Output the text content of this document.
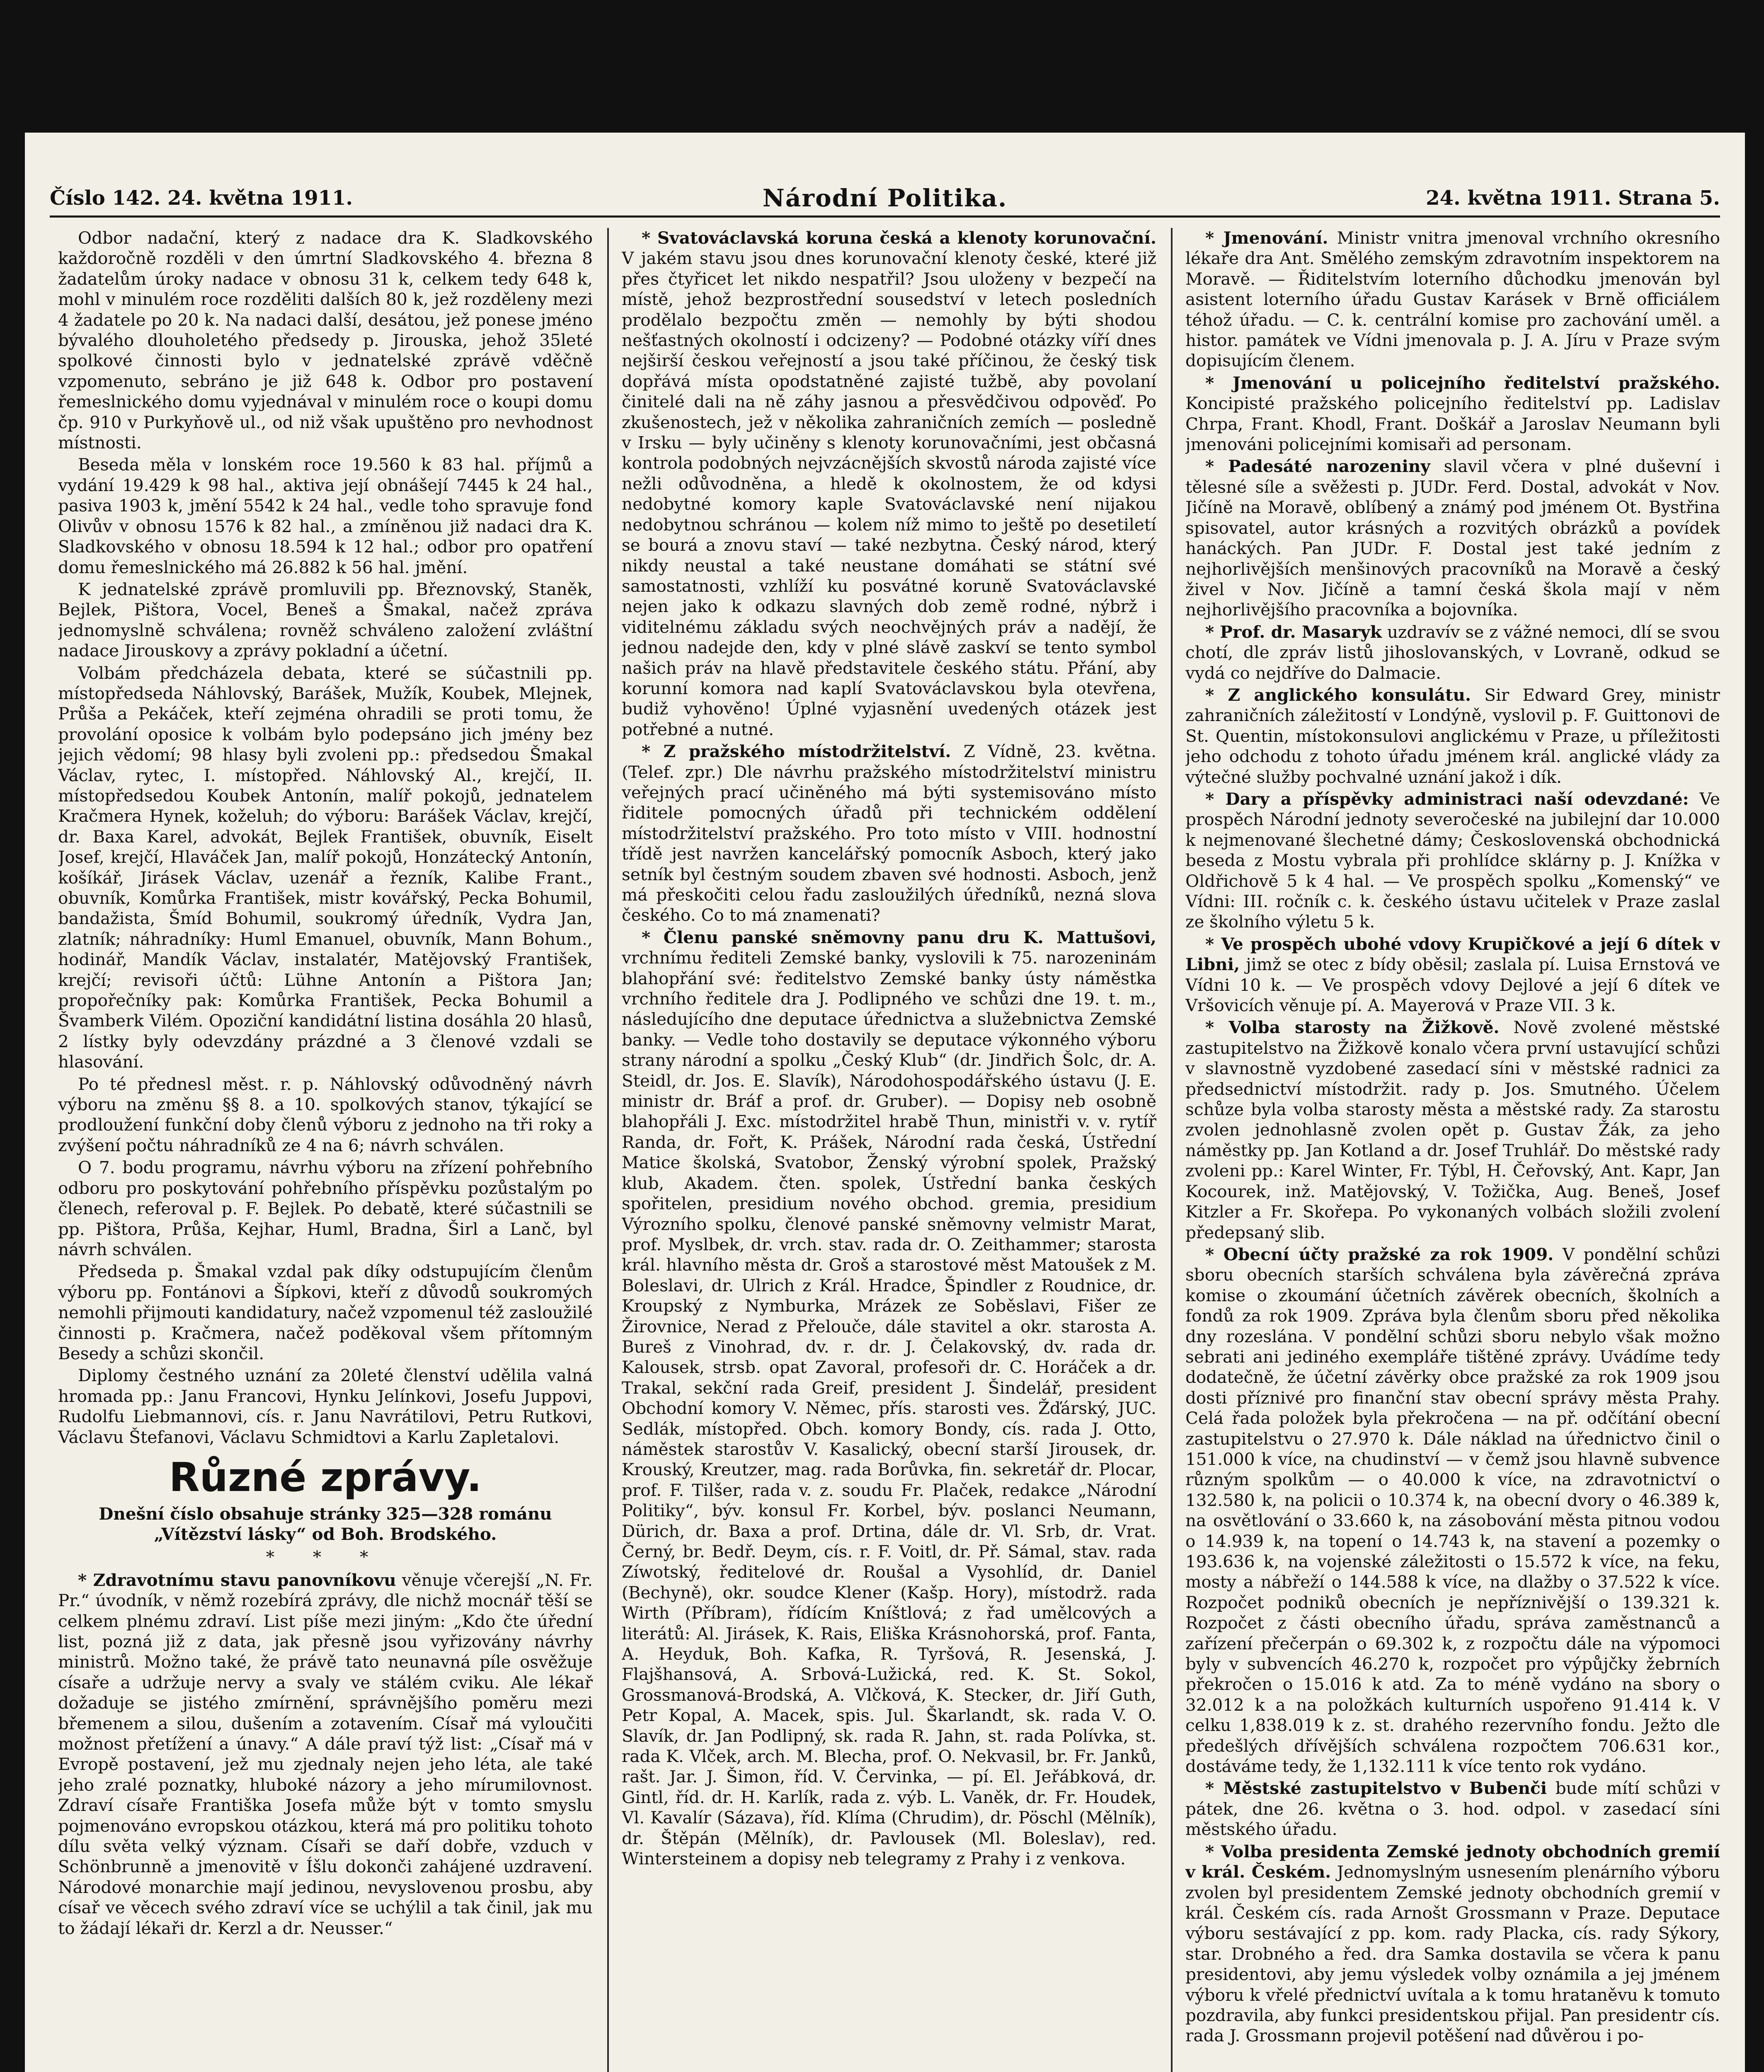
Číslo 142. 24. května 1911.	Národní Politika.	24. května 1911. Strana 5.

Odbor nadační, který z nadace dra K. Sladkovského každoročně rozděli v den úmrtní Sladkovského 4. března 8 žadatelům úroky nadace v obnosu 31 k, celkem tedy 648 k, mohl v minulém roce rozděliti dalších 80 k, jež rozděleny mezi 4 žadatele po 20 k. Na nadaci další, desátou, jež ponese jméno bývalého dlouholetého předsedy p. Jirouska, jehož 35leté spolkové činnosti bylo v jednatelské zprávě vděčně vzpomenuto, sebráno je již 648 k. Odbor pro postavení řemeslnického domu vyjednával v minulém roce o koupi domu čp. 910 v Purkyňově ul., od niž však upuštěno pro nevhodnost místnosti.

Beseda měla v lonském roce 19.560 k 83 hal. příjmů a vydání 19.429 k 98 hal., aktiva její obnášejí 7445 k 24 hal., pasiva 1903 k, jmění 5542 k 24 hal., vedle toho spravuje fond Olivův v obnosu 1576 k 82 hal., a zmíněnou již nadaci dra K. Sladkovského v obnosu 18.594 k 12 hal.; odbor pro opatření domu řemeslnického má 26.882 k 56 hal. jmění.

K jednatelské zprávě promluvili pp. Březnovský, Staněk, Bejlek, Pištora, Vocel, Beneš a Šmakal, načež zpráva jednomyslně schválena; rovněž schváleno založení zvláštní nadace Jirouskovy a zprávy pokladní a účetní.

Volbám předcházela debata, které se súčastnili pp. místopředseda Náhlovský, Barášek, Mužík, Koubek, Mlejnek, Průša a Pekáček, kteří zejména ohradili se proti tomu, že provolání oposice k volbám bylo podepsáno jich jmény bez jejich vědomí; 98 hlasy byli zvoleni pp.: předsedou Šmakal Václav, rytec, I. místopřed. Náhlovský Al., krejčí, II. místopředsedou Koubek Antonín, malíř pokojů, jednatelem Kračmera Hynek, koželuh; do výboru: Barášek Václav, krejčí, dr. Baxa Karel, advokát, Bejlek František, obuvník, Eiselt Josef, krejčí, Hlaváček Jan, malíř pokojů, Honzátecký Antonín, košíkář, Jirásek Václav, uzenář a řezník, Kalibe Frant., obuvník, Komůrka František, mistr kovářský, Pecka Bohumil, bandažista, Šmíd Bohumil, soukromý úředník, Vydra Jan, zlatník; náhradníky: Huml Emanuel, obuvník, Mann Bohum., hodinář, Mandík Václav, instalatér, Matějovský František, krejčí; revisoři účtů: Lühne Antonín a Pištora Jan; propořečníky pak: Komůrka František, Pecka Bohumil a Švamberk Vilém. Opoziční kandidátní listina dosáhla 20 hlasů, 2 lístky byly odevzdány prázdné a 3 členové vzdali se hlasování.

Po té přednesl měst. r. p. Náhlovský odůvodněný návrh výboru na změnu §§ 8. a 10. spolkových stanov, týkající se prodloužení funkční doby členů výboru z jednoho na tři roky a zvýšení počtu náhradníků ze 4 na 6; návrh schválen.

O 7. bodu programu, návrhu výboru na zřízení pohřebního odboru pro poskytování pohřebního příspěvku pozůstalým po členech, referoval p. F. Bejlek. Po debatě, které súčastnili se pp. Pištora, Průša, Kejhar, Huml, Bradna, Širl a Lanč, byl návrh schválen.

Předseda p. Šmakal vzdal pak díky odstupujícím členům výboru pp. Fontánovi a Šípkovi, kteří z důvodů soukromých nemohli přijmouti kandidatury, načež vzpomenul též zasloužilé činnosti p. Kračmera, načež poděkoval všem přítomným Besedy a schůzi skončil.

Diplomy čestného uznání za 20leté členství udělila valná hromada pp.: Janu Francovi, Hynku Jelínkovi, Josefu Juppovi, Rudolfu Liebmannovi, cís. r. Janu Navrátilovi, Petru Rutkovi, Václavu Štefanovi, Václavu Schmidtovi a Karlu Zapletalovi.

Různé zprávy.

Dnešní číslo obsahuje stránky 325—328 románu „Vítězství lásky“ od Boh. Brodského.

* * *

* Zdravotnímu stavu panovníkovu věnuje včerejší „N. Fr. Pr.“ úvodník, v němž rozebírá zprávy, dle nichž mocnář těší se celkem plnému zdraví. List píše mezi jiným: „Kdo čte úřední list, pozná již z data, jak přesně jsou vyřizovány návrhy ministrů. Možno také, že právě tato neunavná píle osvěžuje císaře a udržuje nervy a svaly ve stálém cviku. Ale lékař dožaduje se jistého zmírnění, správnějšího poměru mezi břemenem a silou, dušením a zotavením. Císař má vyloučiti možnost přetížení a únavy.“ A dále praví týž list: „Císař má v Evropě postavení, jež mu zjednaly nejen jeho léta, ale také jeho zralé poznatky, hluboké názory a jeho mírumilovnost. Zdraví císaře Františka Josefa může být v tomto smyslu pojmenováno evropskou otázkou, která má pro politiku tohoto dílu světa velký význam. Císaři se daří dobře, vzduch v Schönbrunně a jmenovitě v Íšlu dokonči zahájené uzdravení. Národové monarchie mají jedinou, nevyslovenou prosbu, aby císař ve věcech svého zdraví více se uchýlil a tak činil, jak mu to žádají lékaři dr. Kerzl a dr. Neusser.“

* Svatováclavská koruna česká a klenoty korunovační. V jakém stavu jsou dnes korunovační klenoty české, které již přes čtyřicet let nikdo nespatřil? Jsou uloženy v bezpečí na místě, jehož bezprostřední sousedství v letech posledních prodělalo bezpočtu změn — nemohly by býti shodou nešťastných okolností i odcizeny? — Podobné otázky víří dnes nejširší českou veřejností a jsou také příčinou, že český tisk dopřává místa opodstatněné zajisté tužbě, aby povolaní činitelé dali na ně záhy jasnou a přesvědčivou odpověď. Po zkušenostech, jež v několika zahraničních zemích — posledně v Irsku — byly učiněny s klenoty korunovačními, jest občasná kontrola podobných nejvzácnějších skvostů národa zajisté více nežli odůvodněna, a hledě k okolnostem, že od kdysi nedobytné komory kaple Svatováclavské není nijakou nedobytnou schránou — kolem níž mimo to ještě po desetiletí se bourá a znovu staví — také nezbytna. Český národ, který nikdy neustal a také neustane domáhati se státní své samostatnosti, vzhlíží ku posvátné koruně Svatováclavské nejen jako k odkazu slavných dob země rodné, nýbrž i viditelnému základu svých neochvějných práv a nadějí, že jednou nadejde den, kdy v plné slávě zaskví se tento symbol našich práv na hlavě představitele českého státu. Přání, aby korunní komora nad kaplí Svatováclavskou byla otevřena, budiž vyhověno! Úplné vyjasnění uvedených otázek jest potřebné a nutné.

* Z pražského místodržitelství. Z Vídně, 23. května. (Telef. zpr.) Dle návrhu pražského místodržitelství ministru veřejných prací učiněného má býti systemisováno místo řiditele pomocných úřadů při technickém oddělení místodržitelství pražského. Pro toto místo v VIII. hodnostní třídě jest navržen kancelářský pomocník Asboch, který jako setník byl čestným soudem zbaven své hodnosti. Asboch, jenž má přeskočiti celou řadu zasloužilých úředníků, nezná slova českého. Co to má znamenati?

* Členu panské sněmovny panu dru K. Mattušovi, vrchnímu řediteli Zemské banky, vyslovili k 75. narozeninám blahopřání své: ředitelstvo Zemské banky ústy náměstka vrchního ředitele dra J. Podlipného ve schůzi dne 19. t. m., následujícího dne deputace úřednictva a služebnictva Zemské banky. — Vedle toho dostavily se deputace výkonného výboru strany národní a spolku „Český Klub“ (dr. Jindřich Šolc, dr. A. Steidl, dr. Jos. E. Slavík), Národohospodářského ústavu (J. E. ministr dr. Bráf a prof. dr. Gruber). — Dopisy neb osobně blahopřáli J. Exc. místodržitel hrabě Thun, ministři v. v. rytíř Randa, dr. Fořt, K. Prášek, Národní rada česká, Ústřední Matice školská, Svatobor, Ženský výrobní spolek, Pražský klub, Akadem. čten. spolek, Ústřední banka českých spořitelen, presidium nového obchod. gremia, presidium Výrozního spolku, členové panské sněmovny velmistr Marat, prof. Myslbek, dr. vrch. stav. rada dr. O. Zeithammer; starosta král. hlavního města dr. Groš a starostové měst Matoušek z M. Boleslavi, dr. Ulrich z Král. Hradce, Špindler z Roudnice, dr. Kroupský z Nymburka, Mrázek ze Soběslavi, Fišer ze Žirovnice, Nerad z Přelouče, dále stavitel a okr. starosta A. Bureš z Vinohrad, dv. r. dr. J. Čelakovský, dv. rada dr. Kalousek, strsb. opat Zavoral, profesoři dr. C. Horáček a dr. Trakal, sekční rada Greif, president J. Šindelář, president Obchodní komory V. Němec, přís. starosti ves. Žďárský, JUC. Sedlák, místopřed. Obch. komory Bondy, cís. rada J. Otto, náměstek starostův V. Kasalický, obecní starší Jirousek, dr. Krouský, Kreutzer, mag. rada Borůvka, fin. sekretář dr. Plocar, prof. F. Tilšer, rada v. z. soudu Fr. Plaček, redakce „Národní Politiky“, býv. konsul Fr. Korbel, býv. poslanci Neumann, Dürich, dr. Baxa a prof. Drtina, dále dr. Vl. Srb, dr. Vrat. Černý, br. Bedř. Deym, cís. r. F. Voitl, dr. Př. Sámal, stav. rada Zíwotský, ředitelové dr. Roušal a Vysohlíd, dr. Daniel (Bechyně), okr. soudce Klener (Kašp. Hory), místodrž. rada Wirth (Příbram), řídícím Kníštlová; z řad umělcových a literátů: Al. Jirásek, K. Rais, Eliška Krásnohorská, prof. Fanta, A. Heyduk, Boh. Kafka, R. Tyršová, R. Jesenská, J. Flajšhansová, A. Srbová-Lužická, red. K. St. Sokol, Grossmanová-Brodská, A. Vlčková, K. Stecker, dr. Jiří Guth, Petr Kopal, A. Macek, spis. Jul. Škarlandt, sk. rada V. O. Slavík, dr. Jan Podlipný, sk. rada R. Jahn, st. rada Polívka, st. rada K. Vlček, arch. M. Blecha, prof. O. Nekvasil, br. Fr. Janků, rašt. Jar. J. Šimon, říd. V. Červinka, — pí. El. Jeřábková, dr. Gintl, říd. dr. H. Karlík, rada z. výb. L. Vaněk, dr. Fr. Houdek, Vl. Kavalír (Sázava), říd. Klíma (Chrudim), dr. Pöschl (Mělník), dr. Štěpán (Mělník), dr. Pavlousek (Ml. Boleslav), red. Wintersteinem a dopisy neb telegramy z Prahy i z venkova.

* Jmenování. Ministr vnitra jmenoval vrchního okresního lékaře dra Ant. Smělého zemským zdravotním inspektorem na Moravě. — Řiditelstvím loterního důchodku jmenován byl asistent loterního úřadu Gustav Karásek v Brně officiálem téhož úřadu. — C. k. centrální komise pro zachování uměl. a histor. památek ve Vídni jmenovala p. J. A. Jíru v Praze svým dopisujícím členem.

* Jmenování u policejního ředitelství pražského. Koncipisté pražského policejního ředitelství pp. Ladislav Chrpa, Frant. Khodl, Frant. Doškář a Jaroslav Neumann byli jmenováni policejními komisaři ad personam.

* Padesáté narozeniny slavil včera v plné duševní i tělesné síle a svěžesti p. JUDr. Ferd. Dostal, advokát v Nov. Jičíně na Moravě, oblíbený a známý pod jménem Ot. Bystřina spisovatel, autor krásných a rozvitých obrázků a povídek hanáckých. Pan JUDr. F. Dostal jest také jedním z nejhorlivějších menšinových pracovníků na Moravě a český živel v Nov. Jičíně a tamní česká škola mají v něm nejhorlivějšího pracovníka a bojovníka.

* Prof. dr. Masaryk uzdravív se z vážné nemoci, dlí se svou chotí, dle zpráv listů jihoslovanských, v Lovraně, odkud se vydá co nejdříve do Dalmacie.

* Z anglického konsulátu. Sir Edward Grey, ministr zahraničních záležitostí v Londýně, vyslovil p. F. Guittonovi de St. Quentin, místokonsulovi anglickému v Praze, u příležitosti jeho odchodu z tohoto úřadu jménem král. anglické vlády za výtečné služby pochvalné uznání jakož i dík.

* Dary a příspěvky administraci naší odevzdané: Ve prospěch Národní jednoty severočeské na jubilejní dar 10.000 k nejmenované šlechetné dámy; Československá obchodnická beseda z Mostu vybrala při prohlídce sklárny p. J. Knížka v Oldřichově 5 k 4 hal. — Ve prospěch spolku „Komenský“ ve Vídni: III. ročník c. k. českého ústavu učitelek v Praze zaslal ze školního výletu 5 k.

* Ve prospěch ubohé vdovy Krupičkové a její 6 dítek v Libni, jimž se otec z bídy oběsil; zaslala pí. Luisa Ernstová ve Vídni 10 k. — Ve prospěch vdovy Dejlové a její 6 dítek ve Vršovicích věnuje pí. A. Mayerová v Praze VII. 3 k.

* Volba starosty na Žižkově. Nově zvolené městské zastupitelstvo na Žižkově konalo včera první ustavující schůzi v slavnostně vyzdobené zasedací síni v městské radnici za předsednictví místodržit. rady p. Jos. Smutného. Účelem schůze byla volba starosty města a městské rady. Za starostu zvolen jednohlasně zvolen opět p. Gustav Žák, za jeho náměstky pp. Jan Kotland a dr. Josef Truhlář. Do městské rady zvoleni pp.: Karel Winter, Fr. Týbl, H. Čeřovský, Ant. Kapr, Jan Kocourek, inž. Matějovský, V. Tožička, Aug. Beneš, Josef Kitzler a Fr. Skořepa. Po vykonaných volbách složili zvolení předepsaný slib.

* Obecní účty pražské za rok 1909. V pondělní schůzi sboru obecních starších schválena byla závěrečná zpráva komise o zkoumání účetních závěrek obecních, školních a fondů za rok 1909. Zpráva byla členům sboru před několika dny rozeslána. V pondělní schůzi sboru nebylo však možno sebrati ani jediného exempláře tištěné zprávy. Uvádíme tedy dodatečně, že účetní závěrky obce pražské za rok 1909 jsou dosti příznivé pro finanční stav obecní správy města Prahy. Celá řada položek byla překročena — na př. odčítání obecní zastupitelstvu o 27.970 k. Dále náklad na úřednictvo činil o 151.000 k více, na chudinství — v čemž jsou hlavně subvence různým spolkům — o 40.000 k více, na zdravotnictví o 132.580 k, na policii o 10.374 k, na obecní dvory o 46.389 k, na osvětlování o 33.660 k, na zásobování města pitnou vodou o 14.939 k, na topení o 14.743 k, na stavení a pozemky o 193.636 k, na vojenské záležitosti o 15.572 k více, na feku, mosty a nábřeží o 144.588 k více, na dlažby o 37.522 k více. Rozpočet podniků obecních je nepříznivější o 139.321 k. Rozpočet z části obecního úřadu, správa zaměstnanců a zařízení přečerpán o 69.302 k, z rozpočtu dále na výpomoci byly v subvencích 46.270 k, rozpočet pro výpůjčky žebrních překročen o 15.016 k atd. Za to méně vydáno na sbory o 32.012 k a na položkách kulturních uspořeno 91.414 k. V celku 1,838.019 k z. st. drahého rezervního fondu. Ježto dle předešlých dřívějších schválena rozpočtem 706.631 kor., dostáváme tedy, že 1,132.111 k více tento rok vydáno.

* Městské zastupitelstvo v Bubenči bude mítí schůzi v pátek, dne 26. května o 3. hod. odpol. v zasedací síni městského úřadu.

* Volba presidenta Zemské jednoty obchodních gremií v král. Českém. Jednomyslným usnesením plenárního výboru zvolen byl presidentem Zemské jednoty obchodních gremií v král. Českém cís. rada Arnošt Grossmann v Praze. Deputace výboru sestávající z pp. kom. rady Placka, cís. rady Sýkory, star. Drobného a řed. dra Samka dostavila se včera k panu presidentovi, aby jemu výsledek volby oznámila a jej jménem výboru k vřelé přednictví uvítala a k tomu hrataněvu k tomuto pozdravila, aby funkci presidentskou přijal. Pan presidentr cís. rada J. Grossmann projevil potěšení nad důvěrou i po-
